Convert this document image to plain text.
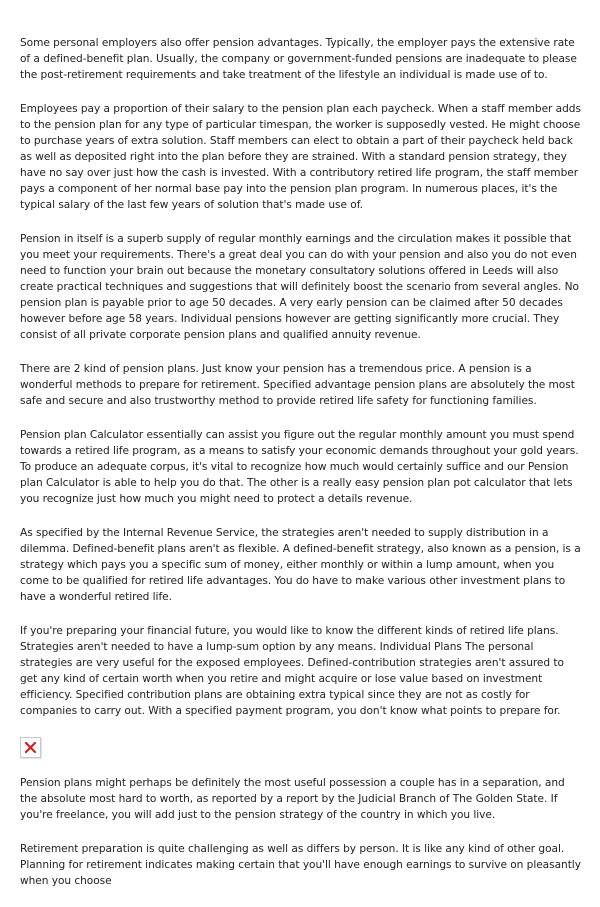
Some personal employers also offer pension advantages. Typically, the employer pays the extensive rate of a defined-benefit plan. Usually, the company or government-funded pensions are inadequate to please the post-retirement requirements and take treatment of the lifestyle an individual is made use of to.

Employees pay a proportion of their salary to the pension plan each paycheck. When a staff member adds to the pension plan for any type of particular timespan, the worker is supposedly vested. He might choose to purchase years of extra solution. Staff members can elect to obtain a part of their paycheck held back as well as deposited right into the plan before they are strained. With a standard pension strategy, they have no say over just how the cash is invested. With a contributory retired life program, the staff member pays a component of her normal base pay into the pension plan program. In numerous places, it's the typical salary of the last few years of solution that's made use of.

Pension in itself is a superb supply of regular monthly earnings and the circulation makes it possible that you meet your requirements. There's a great deal you can do with your pension and also you do not even need to function your brain out because the monetary consultatory solutions offered in Leeds will also create practical techniques and suggestions that will definitely boost the scenario from several angles. No pension plan is payable prior to age 50 decades. A very early pension can be claimed after 50 decades however before age 58 years. Individual pensions however are getting significantly more crucial. They consist of all private corporate pension plans and qualified annuity revenue.

There are 2 kind of pension plans. Just know your pension has a tremendous price. A pension is a wonderful methods to prepare for retirement. Specified advantage pension plans are absolutely the most safe and secure and also trustworthy method to provide retired life safety for functioning families.

Pension plan Calculator essentially can assist you figure out the regular monthly amount you must spend towards a retired life program, as a means to satisfy your economic demands throughout your gold years. To produce an adequate corpus, it's vital to recognize how much would certainly suffice and our Pension plan Calculator is able to help you do that. The other is a really easy pension plan pot calculator that lets you recognize just how much you might need to protect a details revenue.

As specified by the Internal Revenue Service, the strategies aren't needed to supply distribution in a dilemma. Defined-benefit plans aren't as flexible. A defined-benefit strategy, also known as a pension, is a strategy which pays you a specific sum of money, either monthly or within a lump amount, when you come to be qualified for retired life advantages. You do have to make various other investment plans to have a wonderful retired life.

If you're preparing your financial future, you would like to know the different kinds of retired life plans. Strategies aren't needed to have a lump-sum option by any means. Individual Plans The personal strategies are very useful for the exposed employees. Defined-contribution strategies aren't assured to get any kind of certain worth when you retire and might acquire or lose value based on investment efficiency. Specified contribution plans are obtaining extra typical since they are not as costly for companies to carry out. With a specified payment program, you don't know what points to prepare for.

Pension plans might perhaps be definitely the most useful possession a couple has in a separation, and the absolute most hard to worth, as reported by a report by the Judicial Branch of The Golden State. If you're freelance, you will add just to the pension strategy of the country in which you live.

Retirement preparation is quite challenging as well as differs by person. It is like any kind of other goal. Planning for retirement indicates making certain that you'll have enough earnings to survive on pleasantly when you choose
